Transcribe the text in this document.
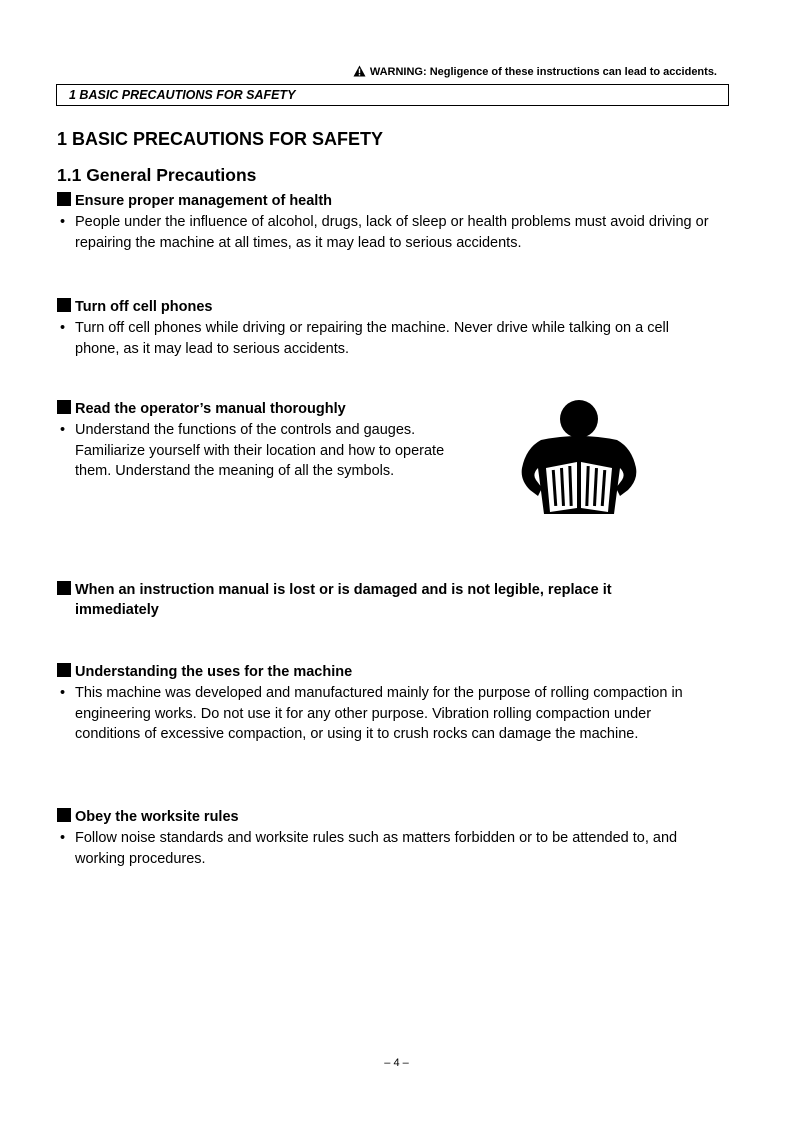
WARNING: Negligence of these instructions can lead to accidents.
1 BASIC PRECAUTIONS FOR SAFETY
1 BASIC PRECAUTIONS FOR SAFETY
1.1 General Precautions
Ensure proper management of health
• People under the influence of alcohol, drugs, lack of sleep or health problems must avoid driving or repairing the machine at all times, as it may lead to serious accidents.
Turn off cell phones
• Turn off cell phones while driving or repairing the machine. Never drive while talking on a cell phone, as it may lead to serious accidents.
Read the operator’s manual thoroughly
• Understand the functions of the controls and gauges. Familiarize yourself with their location and how to operate them. Understand the meaning of all the symbols.
When an instruction manual is lost or is damaged and is not legible, replace it
immediately
Understanding the uses for the machine
• This machine was developed and manufactured mainly for the purpose of rolling compaction in engineering works. Do not use it for any other purpose. Vibration rolling compaction under conditions of excessive compaction, or using it to crush rocks can damage the machine.
Obey the worksite rules
• Follow noise standards and worksite rules such as matters forbidden or to be attended to, and working procedures.
– 4 –
